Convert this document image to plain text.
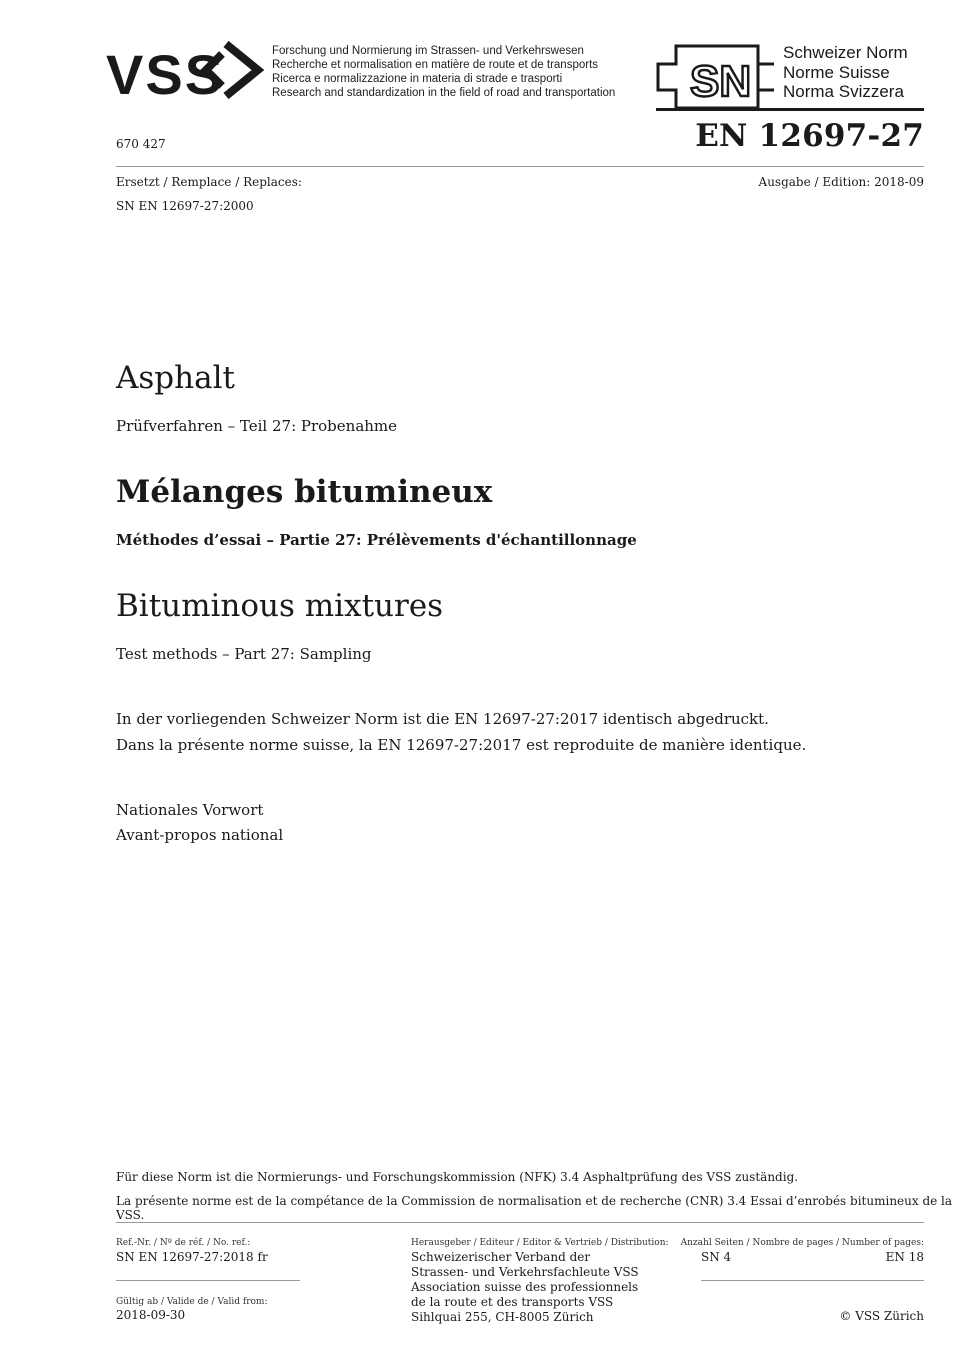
VSS	Forschung und Normierung im Strassen- und Verkehrswesen
Recherche et normalisation en matière de route et de transports
Ricerca e normalizzazione in materia di strade e trasporti
Research and standardization in the field of road and transportation SN
Schweizer Norm
Norme Suisse
Norma Svizzera
670 427	EN 12697-27
Ersetzt / Remplace / Replaces:	Ausgabe / Edition: 2018-09
SN EN 12697-27:2000
Asphalt
Prüfverfahren – Teil 27: Probenahme
Mélanges bitumineux
Méthodes d’essai – Partie 27: Prélèvements d'échantillonnage
Bituminous mixtures
Test methods – Part 27: Sampling
In der vorliegenden Schweizer Norm ist die EN 12697-27:2017 identisch abgedruckt.
Dans la présente norme suisse, la EN 12697-27:2017 est reproduite de manière identique.
Nationales Vorwort
Avant-propos national
Für diese Norm ist die Normierungs- und Forschungskommission (NFK) 3.4 Asphaltprüfung des VSS zuständig.
La présente norme est de la compétance de la Commission de normalisation et de recherche (CNR) 3.4 Essai d’enrobés bitumineux de la VSS.
Ref.-Nr. / Nº de réf. / No. ref.:
SN EN 12697-27:2018 fr
Gültig ab / Valide de / Valid from:
2018-09-30
Herausgeber / Editeur / Editor & Vertrieb / Distribution:
Schweizerischer Verband der
Strassen- und Verkehrsfachleute VSS
Association suisse des professionnels
de la route et des transports VSS
Sihlquai 255, CH-8005 Zürich
Anzahl Seiten / Nombre de pages / Number of pages:
SN 4	EN 18
© VSS Zürich
